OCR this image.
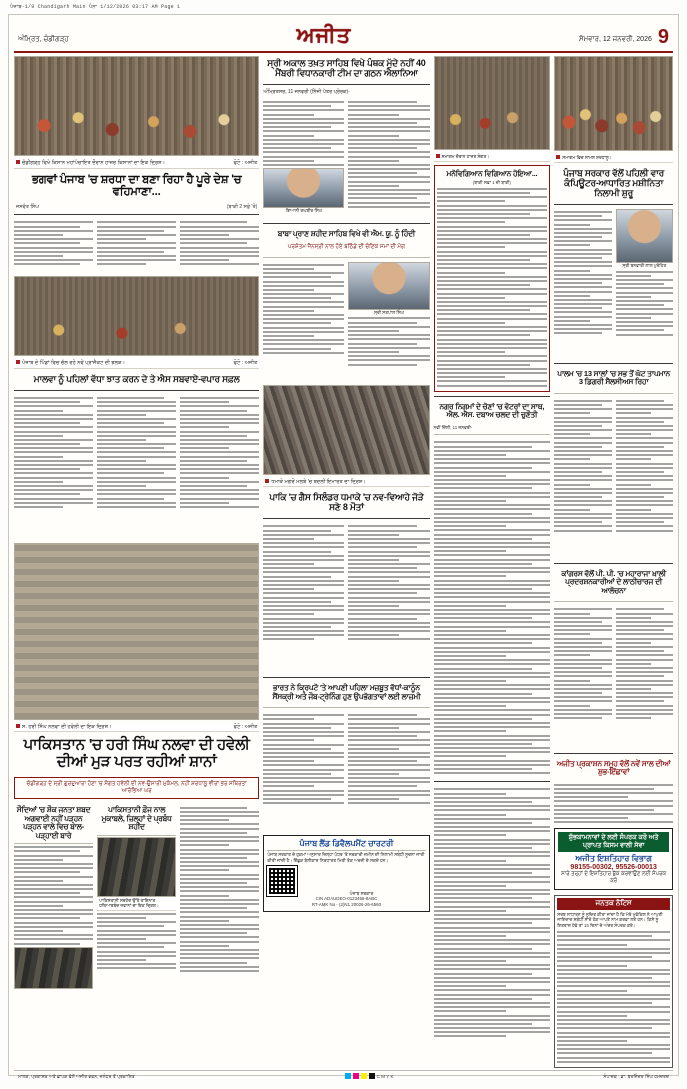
ਪੰਜਾਬ-1/9 Chandigarh Main ਪੰਨਾ 1/12/2026 03:17 AM Page 1
ਅੰਮ੍ਰਿਤ, ਚੰਡੀਗੜ੍ਹ	ਅਜੀਤ	ਸੋਮਵਾਰ, 12 ਜਨਵਰੀ, 2026 9
ਚੰਡੀਗੜ੍ਹ ਵਿਖੇ ਕਿਸਾਨ ਮਹਾਂਪੰਚਾਇਤ ਦੌਰਾਨ ਹਾਜ਼ਰ ਕਿਸਾਨਾਂ ਦਾ ਇਕ ਦ੍ਰਿਸ਼।	ਫੋਟੋ : ਅਜੀਤ
ਭਗਵਾਂ ਪੰਜਾਬ 'ਚ ਸ਼ਰਧਾ ਦਾ ਬਣਾ ਰਿਹਾ ਹੈ ਪੂਰੇ ਦੇਸ਼ 'ਚ ਵਹਿਮਾਣਾ...
ਜਸਵੰਤ ਸਿੰਘ	(ਬਾਕੀ 2 ਸਫ਼ੇ 'ਤੇ)
ਪੰਜਾਬ ਦੇ ਪਿੰਡਾਂ ਵਿਚ ਚੱਲ ਰਹੇ ਨਵੇਂ ਪ੍ਰਾਜੈਕਟ ਦੀ ਝਲਕ।	ਫੋਟੋ : ਅਜੀਤ
ਮਾਲਵਾ ਨੂੰ ਪਹਿਲਾਂ ਵੱਧਾ ਝਾਤ ਕਰਨ ਦੇ ਤੇ ਐਸ ਸਬਵਾਏ-ਵਪਾਰ ਸਫ਼ਲ
ਸ. ਹਰੀ ਸਿੰਘ ਨਲਵਾ ਦੀ ਹਵੇਲੀ ਦਾ ਇਕ ਦ੍ਰਿਸ਼।	ਫੋਟੋ : ਅਜੀਤ
ਪਾਕਿਸਤਾਨ 'ਚ ਹਰੀ ਸਿੰਘ ਨਲਵਾ ਦੀ ਹਵੇਲੀ ਦੀਆਂ ਮੁੜ ਪਰਤ ਰਹੀਆਂ ਸ਼ਾਨਾਂ
ਚੰਡੀਗੜ੍ਹ ਦੇ ਸ੍ਰੀ ਗੁਰਦੁਆਰਾ ਹੋਣਾ 'ਚ ਸੰਗਤ ਹਵੇਲੀ ਦੀ ਨਵ-ਉਸਾਰੀ ਮੁਕੰਮਲ, ਨਹੀਂ ਸ਼ਰਧਾਲੂ ਵੀਰਾਂ ਭਰ ਸਥਿਰਤਾ ਆਰੰਭਿਆ ਘਰ
ਸੌਦਿਆਂ 'ਚ ਸ਼ੌਕ ਜਨਤਾ ਸ਼ਬਦ ਅਗਵਾਈ ਨਹੀਂ ਪੜ੍ਹਨ ਪੜ੍ਹਨ ਵਾਲੇ ਵਿਚ ਬਾਲ-ਪੜ੍ਹਾਈ ਬਾਰੇ
ਪਾਕਿਸਤਾਨੀ ਫ਼ੌਜ ਨਾਲ ਮੁਕਾਬਲੇ, ਜ਼ਿਲ੍ਹਾਂ ਦੇ ਪ੍ਰਬੰਧ ਸ਼ਹੀਦ
ਪਾਕਿਸਤਾਨੀ ਸਰਹੱਦ ਉੱਤੇ ਤਾਇਨਾਤ ਹਥਿਆਰਬੰਦ ਜਵਾਨਾਂ ਦਾ ਇਕ ਦ੍ਰਿਸ਼।
ਸ੍ਰੀ ਅਕਾਲ ਤਖ਼ਤ ਸਾਹਿਬ ਵਿਖੇ ਪੰਥਕ ਮੁੱਦੇ ਨਹੀਂ 40 ਮੈਂਬਰੀ ਵਿਧਾਨਕਾਰੀ ਟੀਮ ਦਾ ਗਠਨ ਐਲਾਨਿਆ
ਅੰਮ੍ਰਿਤਸਰ, 11 ਜਨਵਰੀ (ਨਿੱਜੀ ਪੱਤਰ ਪ੍ਰੇਰਕ)-
ਗਿਆਨੀ ਰਘਬੀਰ ਸਿੰਘ
ਬਾਬਾ ਪ੍ਰਾਣ ਸ਼ਹੀਦ ਸਾਹਿਬ ਵਿਖੇ ਵੀ ਐਮ. ਯੂ. ਨੂੰ ਹਿੰਦੀ
ਪਰਸ਼ੋਤਮ ਜੈਨਸ੍ਰੀ ਨਾਲ ਹੋਏ ਬਠਿੰਡੇ ਦੀ ਚੋਣਿਕ ਸਮਾਂ ਦੀ ਮੰਗ
ਸ੍ਰੀ ਸਤਪਾਲ ਸਿੰਘ
ਧਮਾਕੇ ਮਗਰੋਂ ਮਲਬੇ 'ਚ ਬਦਲੀ ਇਮਾਰਤ ਦਾ ਦ੍ਰਿਸ਼।
ਪਾਕਿ 'ਚ ਗੈਸ ਸਿਲੰਡਰ ਧਮਾਕੇ 'ਚ ਨਵ-ਵਿਆਹੇ ਜੋੜੇ ਸਣੇ 8 ਮੌਤਾਂ
ਭਾਰਤ ਨੇ ਕ੍ਰਿਪਟੋ 'ਤੇ ਆਪਣੀ ਪਹਿਲਾ ਮਜ਼ਬੂਤ ਵੱਧਾਂ-ਕਾਨੂੰਨ ਸੈਂਸਕ੍ਰੀ ਅਤੇ ਜੌਬ-ਟ੍ਰੇਨਿੰਗ ਹੁਣ ਉਪਭੋਗਤਾਵਾਂ ਲਈ ਲਾਜ਼ਮੀ
ਪੰਜਾਬ ਲੈਂਡ ਡਿਵੈਲਪਮੈਂਟ ਚਾਰਟਰੀ
ਪੰਜਾਬ ਸਰਕਾਰ ਦੇ ਹੁਕਮਾਂ ਅਨੁਸਾਰ ਜ਼ਿਲ੍ਹਾ ਪੱਧਰ 'ਤੇ ਸਰਕਾਰੀ ਜ਼ਮੀਨ ਦੀ ਨਿਲਾਮੀ ਸਬੰਧੀ ਸੂਚਨਾ ਜਾਰੀ ਕੀਤੀ ਜਾਂਦੀ ਹੈ। ਇੱਛੁਕ ਬੋਲੀਕਾਰ ਨਿਰਧਾਰਤ ਮਿਤੀ ਤੱਕ ਅਰਜ਼ੀ ਦੇ ਸਕਦੇ ਹਨ।
ਪੰਜਾਬ ਸਰਕਾਰ
CIN ADAUDEO-0123456-8ABC
RT-AMK No - (2)N1 20026-26-6560
ਸਮਾਗਮ ਦੌਰਾਨ ਹਾਜ਼ਰ ਸੰਗਤ।
ਮਨੋਵਿਗਿਆਨ ਵਿਗਿਆਨ ਹੋਇਆ...
(ਬਾਕੀ ਸਫ਼ਾ 1 ਦੀ ਬਾਕੀ)
ਨਗਰ ਨਿਗਮਾਂ ਦੇ ਚੋਣਾਂ 'ਚ ਵੋਟਰਾਂ ਦਾ ਸਾਥ, ਐਲ. ਐਸ. ਦਬਾਅ ਚਲਦ ਦੀ ਚੁਣੌਤੀ
ਨਵੀਂ ਦਿੱਲੀ, 11 ਜਨਵਰੀ-
ਸਮਾਗਮ ਵਿਚ ਸ਼ਾਮਲ ਸ਼ਰਧਾਲੂ।
ਪੰਜਾਬ ਸਰਕਾਰ ਵੱਲੋਂ ਪਹਿਲੀ ਵਾਰ ਕੰਪਿਊਟਰ-ਆਧਾਰਿਤ ਮਸ਼ੀਨਿਤਾ ਨਿਲਾਮੀ ਸ਼ੁਰੂ
ਸ੍ਰੀ ਬਨਵਾਰੀ ਲਾਲ ਪੁਰੋਹਿਤ
ਪਾਲਮ 'ਚ 13 ਸਾਲਾਂ 'ਚ ਸਭ ਤੋਂ ਘੱਟ ਤਾਪਮਾਨ 3 ਡਿਗਰੀ ਸੈਲਸੀਅਸ ਰਿਹਾ
ਕਾਂਗਰਸ ਵੱਲੋਂ ਪੀ. ਪੀ. 'ਚ ਮਹਾਰਾਜਾ ਖ਼ਾਲੀ ਪ੍ਰਦਰਸ਼ਨਕਾਰੀਆਂ ਦੇ ਲਾਠੀਚਾਰਜ ਦੀ ਆਲੋਚਨਾ
ਅਜੀਤ ਪ੍ਰਕਾਸ਼ਨ ਸਮੂਹ ਵੱਲੋਂ ਨਵੇਂ ਸਾਲ ਦੀਆਂ ਸ਼ੁਭ-ਇੱਛਾਵਾਂ
ਸ਼ੁੱਭਕਾਮਨਾਵਾਂ ਦੇ ਲਈ ਸੰਪਰਕ ਕਰੋ ਅਤੇ ਪ੍ਰਾਪਤ ਕਿਸਮ ਵਾਲੀ ਸੇਵਾ
ਅਜੀਤ ਇਸ਼ਤਿਹਾਰ ਵਿਭਾਗ
98155-00302, 95526-00013
ਸਾਰੇ ਤਰ੍ਹਾਂ ਦੇ ਇਸ਼ਤਿਹਾਰ ਬੁੱਕ ਕਰਵਾਉਣ ਲਈ ਸੰਪਰਕ ਕਰੋ
ਜਨਤਕ ਨੋਟਿਸ
ਸਰਬ ਸਾਧਾਰਨ ਨੂੰ ਸੂਚਿਤ ਕੀਤਾ ਜਾਂਦਾ ਹੈ ਕਿ ਮੇਰੇ ਮੁਵੱਕਿਲ ਨੇ ਆਪਣੀ ਜਾਇਦਾਦ ਸਬੰਧੀ ਸਾਰੇ ਹੱਕ ਆਪਣੇ ਨਾਮ ਕਰਵਾ ਲਏ ਹਨ। ਕਿਸੇ ਨੂੰ ਇਤਰਾਜ਼ ਹੋਵੇ ਤਾਂ 15 ਦਿਨਾਂ ਦੇ ਅੰਦਰ ਸੰਪਰਕ ਕਰੇ।
ਮਾਲਕ, ਪ੍ਰਕਾਸ਼ਕ ਅਤੇ ਛਾਪਕ ਵੱਲੋਂ ਅਜੀਤ ਭਵਨ, ਜਲੰਧਰ ਤੋਂ ਪ੍ਰਕਾਸ਼ਿਤ	C M Y K	ਸੰਪਾਦਕ : ਡਾ. ਬਰਜਿੰਦਰ ਸਿੰਘ ਹਮਦਰਦ
